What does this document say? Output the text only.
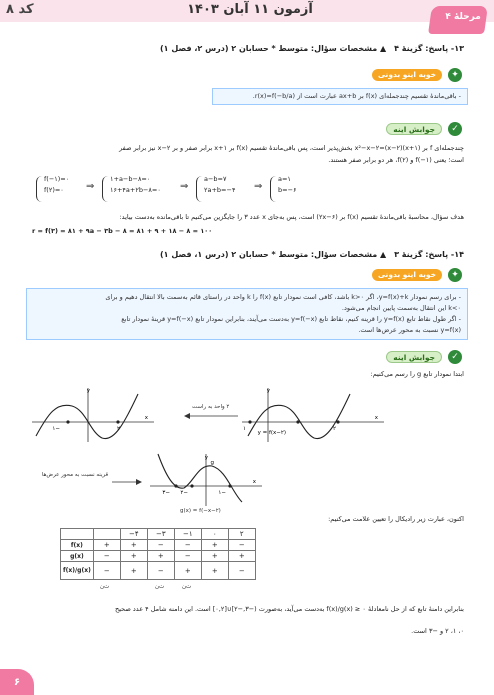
کد ۸	آزمون ۱۱ آبان ۱۴۰۳	مرحلهٔ ۴
۱۳- پاسخ: گزینهٔ ۴
▲ مشخصات سؤال: متوسط * حسابان ۲ (درس ۲، فصل ۱)
✦
خوبه اینو بدونی
- باقی‌ماندهٔ تقسیم چندجمله‌ای f(x) بر ax+b عبارت است از r(x)=f(−b/a).
✓
جوابش اینه
چندجمله‌ای f بر x²−x−۲=(x−۲)(x+۱) بخش‌پذیر است، پس باقی‌ماندهٔ تقسیم f(x) بر x+۱ برابر صفر و بر x−۲ نیز برابر صفر
است؛ یعنی f(−۱) و f(۲)، هر دو برابر صفر هستند.
f(−۱)=۰
f(۲)=۰	⇒
۱+a−b−۸=۰
۱۶+۴a+۲b−۸=۰ ⇒
a−b=۷
۲a+b=−۴ ⇒
a=۱
b=−۶
هدف سؤال، محاسبهٔ باقی‌ماندهٔ تقسیم f(x) بر (۲x−۶) است، پس به‌جای x عدد ۳ را جایگزین می‌کنیم تا باقی‌مانده به‌دست بیاید:
r = f(۳) = ۸۱ + ۹a − ۳b − ۸ = ۸۱ + ۹ + ۱۸ − ۸ = ۱۰۰
۱۴- پاسخ: گزینهٔ ۳
▲ مشخصات سؤال: متوسط * حسابان ۲ (درس ۱، فصل ۱)
✦
خوبه اینو بدونی
- برای رسم نمودار y=f(x)+k، اگر k>۰ باشد، کافی است نمودار تابع f(x) را k واحد در راستای قائم به‌سمت بالا انتقال دهیم و برای
k<۰ این انتقال به‌سمت پایین انجام می‌شود.
- اگر طول نقاط تابع y=f(x) را قرینه کنیم، نقاط تابع y=f(−x) به‌دست می‌آیند، بنابراین نمودار تابع y=f(−x) قرینهٔ نمودار تابع
y=f(x) نسبت به محور عرض‌ها است.
✓
جوابش اینه
ابتدا نمودار تابع g را رسم می‌کنیم:
−۱	۲
x
y
۲ واحد به راست
۱	۲
x
y
y = f(x−۲)
قرینه نسبت به محور عرض‌ها
−۳ −۲	−۱
x
y
g
g(x) = f(−x−۲)
اکنون، عبارت زیر رادیکال را تعیین علامت می‌کنیم:
		−۴	−۳	−۱	۰	۲
f(x)	+	+	−	−	+	−
g(x)	−	+	+	−	+	+
f(x)/g(x)	−	+	−	+	+	−
ت‌ن	ت‌ن	ت‌ن
بنابراین دامنهٔ تابع که از حل نامعادلهٔ f(x)/g(x) ≥ ۰ به‌دست می‌آید، به‌صورت (−۳,−۲]∪[۰,۲] است. این دامنه شامل ۴ عدد صحیح
۰، ۱، ۲ و −۳ است.
۶
